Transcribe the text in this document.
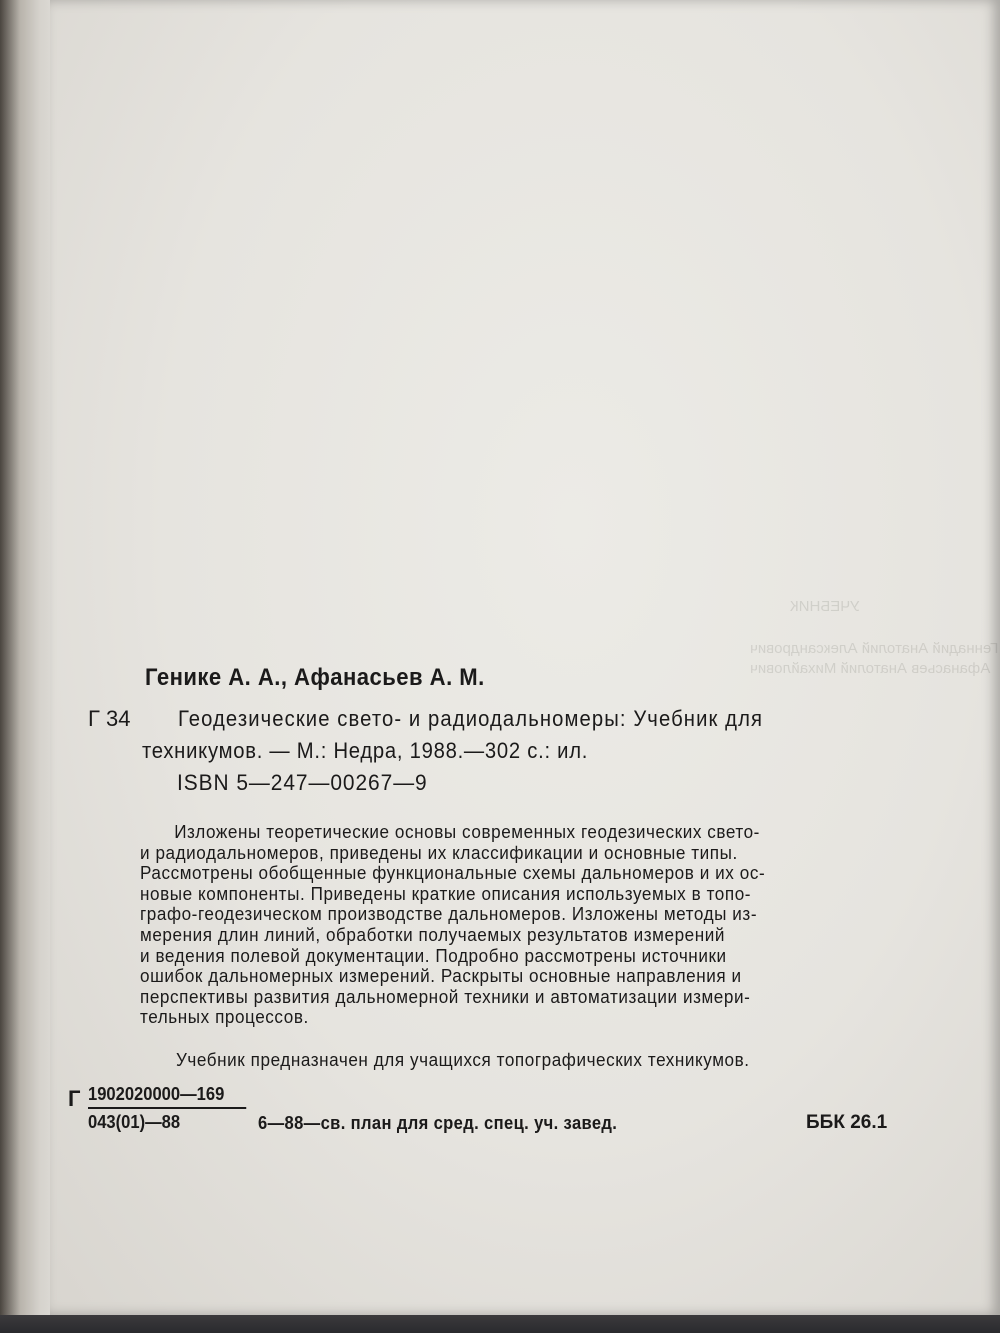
УЧЕБНИК
Геннадий Анатолий Александрович
Афанасьев Анатолий Михайлович
Генике А. А., Афанасьев А. М.
Г 34 Геодезические свето- и радиодальномеры: Учебник для
техникумов. — М.: Недра, 1988.—302 с.: ил.
ISBN 5—247—00267—9
Изложены теоретические основы современных геодезических свето-
и радиодальномеров, приведены их классификации и основные типы.
Рассмотрены обобщенные функциональные схемы дальномеров и их ос-
новые компоненты. Приведены краткие описания используемых в топо-
графо-геодезическом производстве дальномеров. Изложены методы из-
мерения длин линий, обработки получаемых результатов измерений
и ведения полевой документации. Подробно рассмотрены источники
ошибок дальномерных измерений. Раскрыты основные направления и
перспективы развития дальномерной техники и автоматизации измери-
тельных процессов.
Учебник предназначен для учащихся топографических техникумов.
Г $\frac{1902020000—169}{043(01)—88}$ 6—88—св. план для сред. спец. уч. завед.	ББК 26.1
